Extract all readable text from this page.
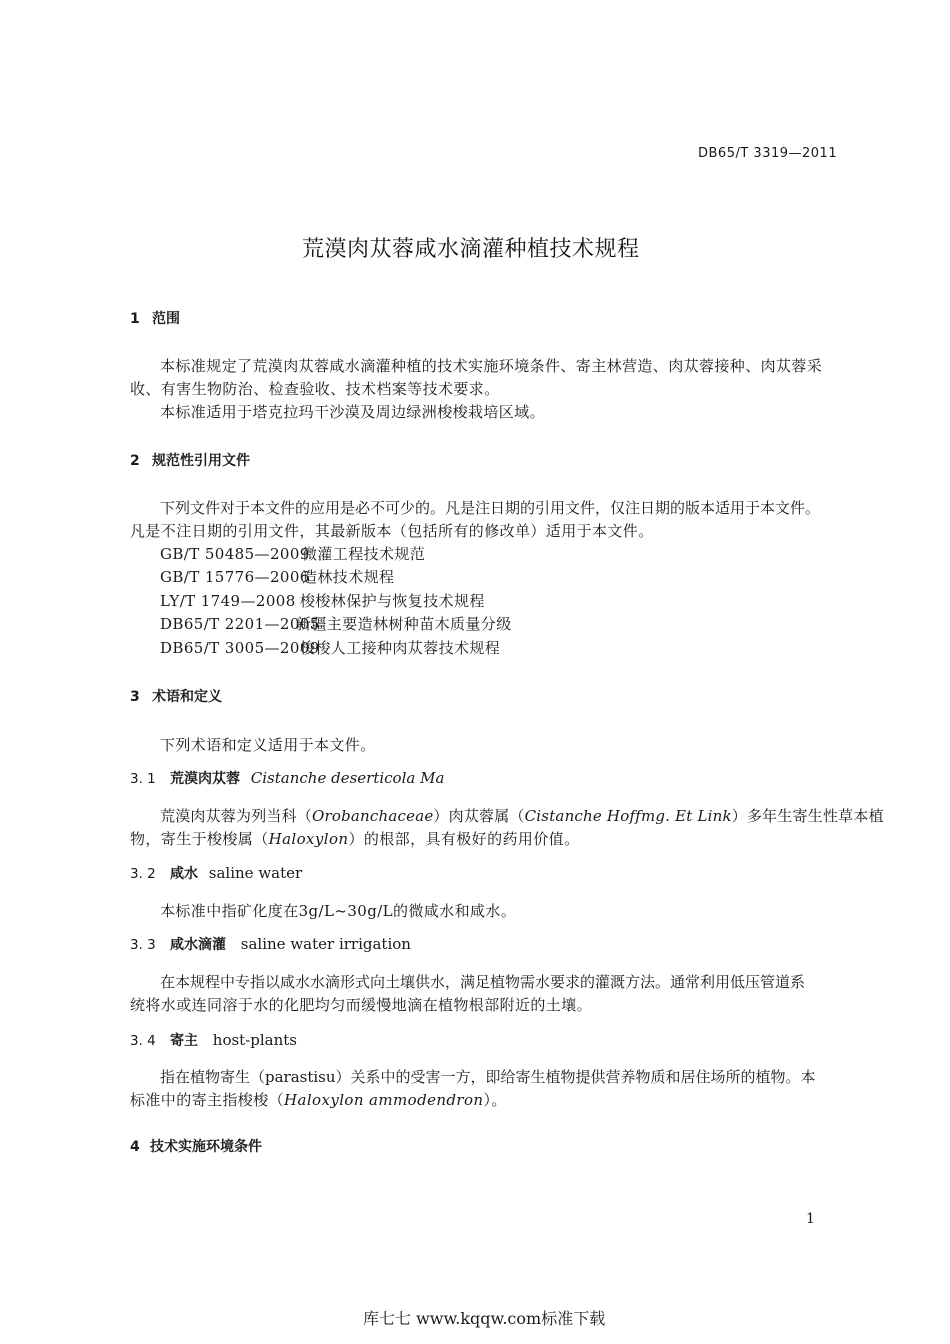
DB65/T 3319—2011
荒漠肉苁蓉咸水滴灌种植技术规程
1 范围
本标准规定了荒漠肉苁蓉咸水滴灌种植的技术实施环境条件、寄主林营造、肉苁蓉接种、肉苁蓉采
收、有害生物防治、检查验收、技术档案等技术要求。
本标准适用于塔克拉玛干沙漠及周边绿洲梭梭栽培区域。
2 规范性引用文件
下列文件对于本文件的应用是必不可少的。凡是注日期的引用文件，仅注日期的版本适用于本文件。
凡是不注日期的引用文件，其最新版本（包括所有的修改单）适用于本文件。
GB/T 50485—2009微灌工程技术规范
GB/T 15776—2006造林技术规程
LY/T 1749—2008 梭梭林保护与恢复技术规程
DB65/T 2201—2005新疆主要造林树种苗木质量分级
DB65/T 3005—2009梭梭人工接种肉苁蓉技术规程
3 术语和定义
下列术语和定义适用于本文件。
3. 1 荒漠肉苁蓉 Cistanche deserticola Ma
荒漠肉苁蓉为列当科（Orobanchaceae）肉苁蓉属（Cistanche Hoffmg. Et Link）多年生寄生性草本植
物，寄生于梭梭属（Haloxylon）的根部，具有极好的药用价值。
3. 2 咸水 saline water
本标准中指矿化度在3g/L~30g/L的微咸水和咸水。
3. 3 咸水滴灌 saline water irrigation
在本规程中专指以咸水水滴形式向土壤供水，满足植物需水要求的灌溉方法。通常利用低压管道系
统将水或连同溶于水的化肥均匀而缓慢地滴在植物根部附近的土壤。
3. 4 寄主 host-plants
指在植物寄生（parastisu）关系中的受害一方，即给寄生植物提供营养物质和居住场所的植物。本
标准中的寄主指梭梭（Haloxylon ammodendron）。
4 技术实施环境条件
1
库七七 www.kqqw.com标准下载
